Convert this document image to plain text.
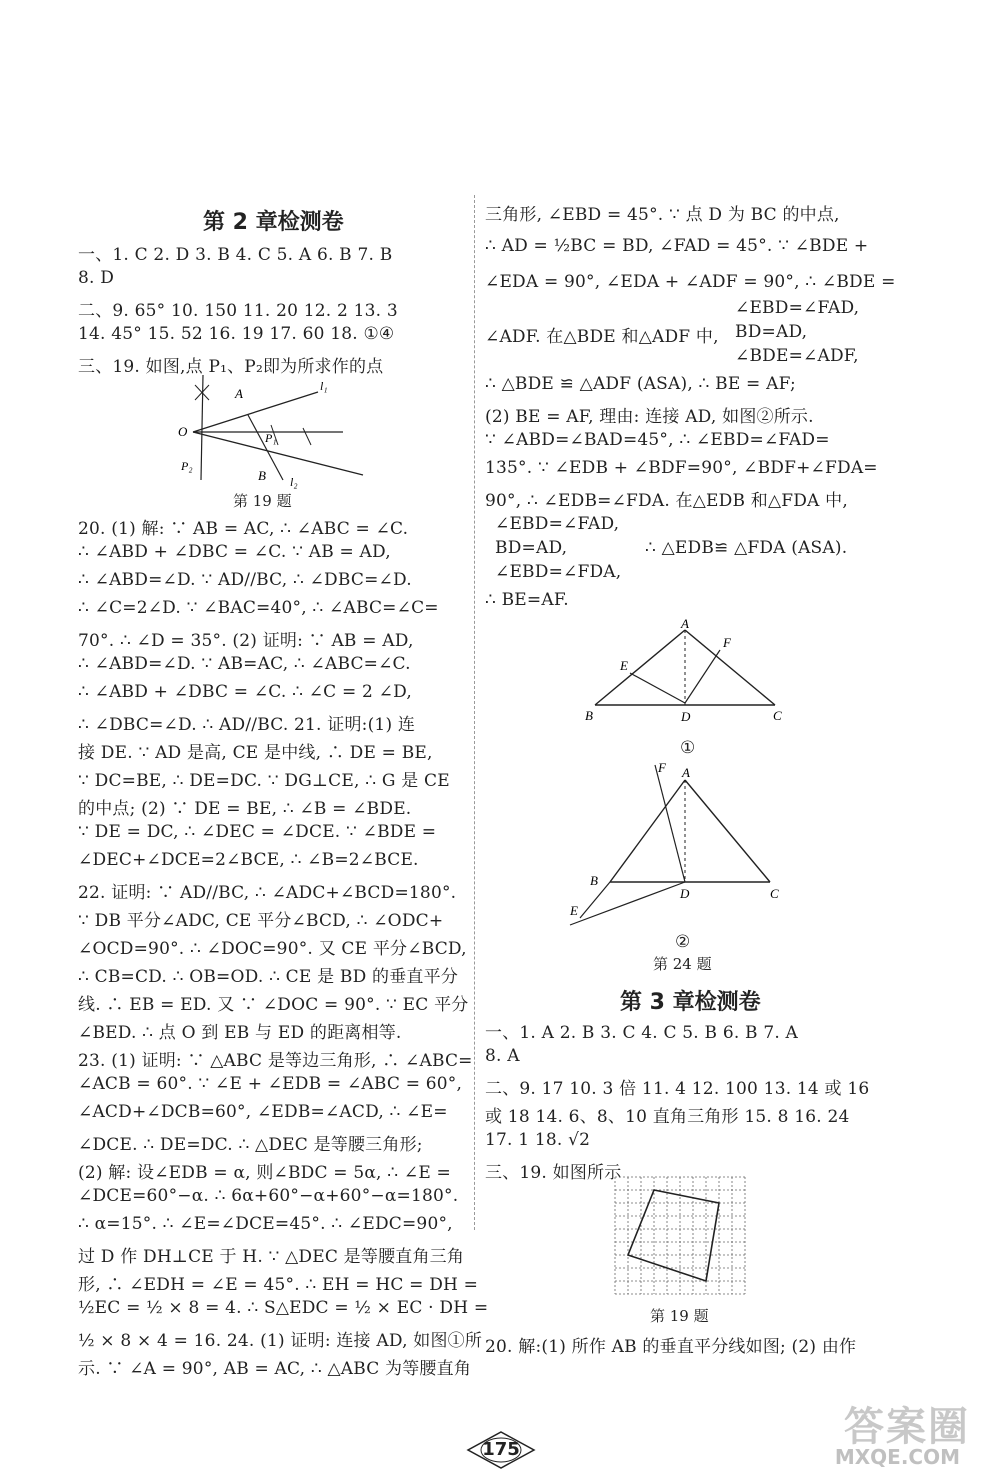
第 2 章检测卷
一、1. C 2. D 3. B 4. C 5. A 6. B 7. B
8. D
二、9. 65° 10. 150 11. 20 12. 2 13. 3
14. 45° 15. 52 16. 19 17. 60 18. ①④
三、19. 如图,点 P₁、P₂即为所求作的点
A	l₁
O	P₁
P₂
B l₂
第 19 题
20. (1) 解: ∵ AB = AC, ∴ ∠ABC = ∠C.
∴ ∠ABD + ∠DBC = ∠C. ∵ AB = AD,
∴ ∠ABD=∠D. ∵ AD//BC, ∴ ∠DBC=∠D.
∴ ∠C=2∠D. ∵ ∠BAC=40°, ∴ ∠ABC=∠C=
70°. ∴ ∠D = 35°. (2) 证明: ∵ AB = AD,
∴ ∠ABD=∠D. ∵ AB=AC, ∴ ∠ABC=∠C.
∴ ∠ABD + ∠DBC = ∠C. ∴ ∠C = 2 ∠D,
∴ ∠DBC=∠D. ∴ AD//BC. 21. 证明:(1) 连
接 DE. ∵ AD 是高, CE 是中线, ∴ DE = BE,
∵ DC=BE, ∴ DE=DC. ∵ DG⊥CE, ∴ G 是 CE
的中点; (2) ∵ DE = BE, ∴ ∠B = ∠BDE.
∵ DE = DC, ∴ ∠DEC = ∠DCE. ∵ ∠BDE =
∠DEC+∠DCE=2∠BCE, ∴ ∠B=2∠BCE.
22. 证明: ∵ AD//BC, ∴ ∠ADC+∠BCD=180°.
∵ DB 平分∠ADC, CE 平分∠BCD, ∴ ∠ODC+
∠OCD=90°. ∴ ∠DOC=90°. 又 CE 平分∠BCD,
∴ CB=CD. ∴ OB=OD. ∴ CE 是 BD 的垂直平分
线. ∴ EB = ED. 又 ∵ ∠DOC = 90°. ∵ EC 平分
∠BED. ∴ 点 O 到 EB 与 ED 的距离相等.
23. (1) 证明: ∵ △ABC 是等边三角形, ∴ ∠ABC=
∠ACB = 60°. ∵ ∠E + ∠EDB = ∠ABC = 60°,
∠ACD+∠DCB=60°, ∠EDB=∠ACD, ∴ ∠E=
∠DCE. ∴ DE=DC. ∴ △DEC 是等腰三角形;
(2) 解: 设∠EDB = α, 则∠BDC = 5α, ∴ ∠E =
∠DCE=60°−α. ∴ 6α+60°−α+60°−α=180°.
∴ α=15°. ∴ ∠E=∠DCE=45°. ∴ ∠EDC=90°,
过 D 作 DH⊥CE 于 H. ∵ △DEC 是等腰直角三角
形, ∴ ∠EDH = ∠E = 45°. ∴ EH = HC = DH =
½EC = ½ × 8 = 4. ∴ S△EDC = ½ × EC · DH =
½ × 8 × 4 = 16. 24. (1) 证明: 连接 AD, 如图①所
示. ∵ ∠A = 90°, AB = AC, ∴ △ABC 为等腰直角
三角形, ∠EBD = 45°. ∵ 点 D 为 BC 的中点,
∴ AD = ½BC = BD, ∠FAD = 45°. ∵ ∠BDE +
∠EDA = 90°, ∠EDA + ∠ADF = 90°, ∴ ∠BDE =
∠EBD=∠FAD,
∠ADF. 在△BDE 和△ADF 中, BD=AD,
∠BDE=∠ADF,
∴ △BDE ≌ △ADF (ASA), ∴ BE = AF;
(2) BE = AF, 理由: 连接 AD, 如图②所示.
∵ ∠ABD=∠BAD=45°, ∴ ∠EBD=∠FAD=
135°. ∵ ∠EDB + ∠BDF=90°, ∠BDF+∠FDA=
90°, ∴ ∠EDB=∠FDA. 在△EDB 和△FDA 中,
∠EBD=∠FAD,
BD=AD,	∴ △EDB≌ △FDA (ASA).
∠EBD=∠FDA,
∴ BE=AF.
A
E
F
B	D	C
①
A
F
B
D	C
E
②
第 24 题
第 3 章检测卷
一、1. A 2. B 3. C 4. C 5. B 6. B 7. A
8. A
二、9. 17 10. 3 倍 11. 4 12. 100 13. 14 或 16
或 18 14. 6、8、10 直角三角形 15. 8 16. 24
17. 1 18. √2
三、19. 如图所示
第 19 题
20. 解:(1) 所作 AB 的垂直平分线如图; (2) 由作
175	答案圈
MXQE.COM
